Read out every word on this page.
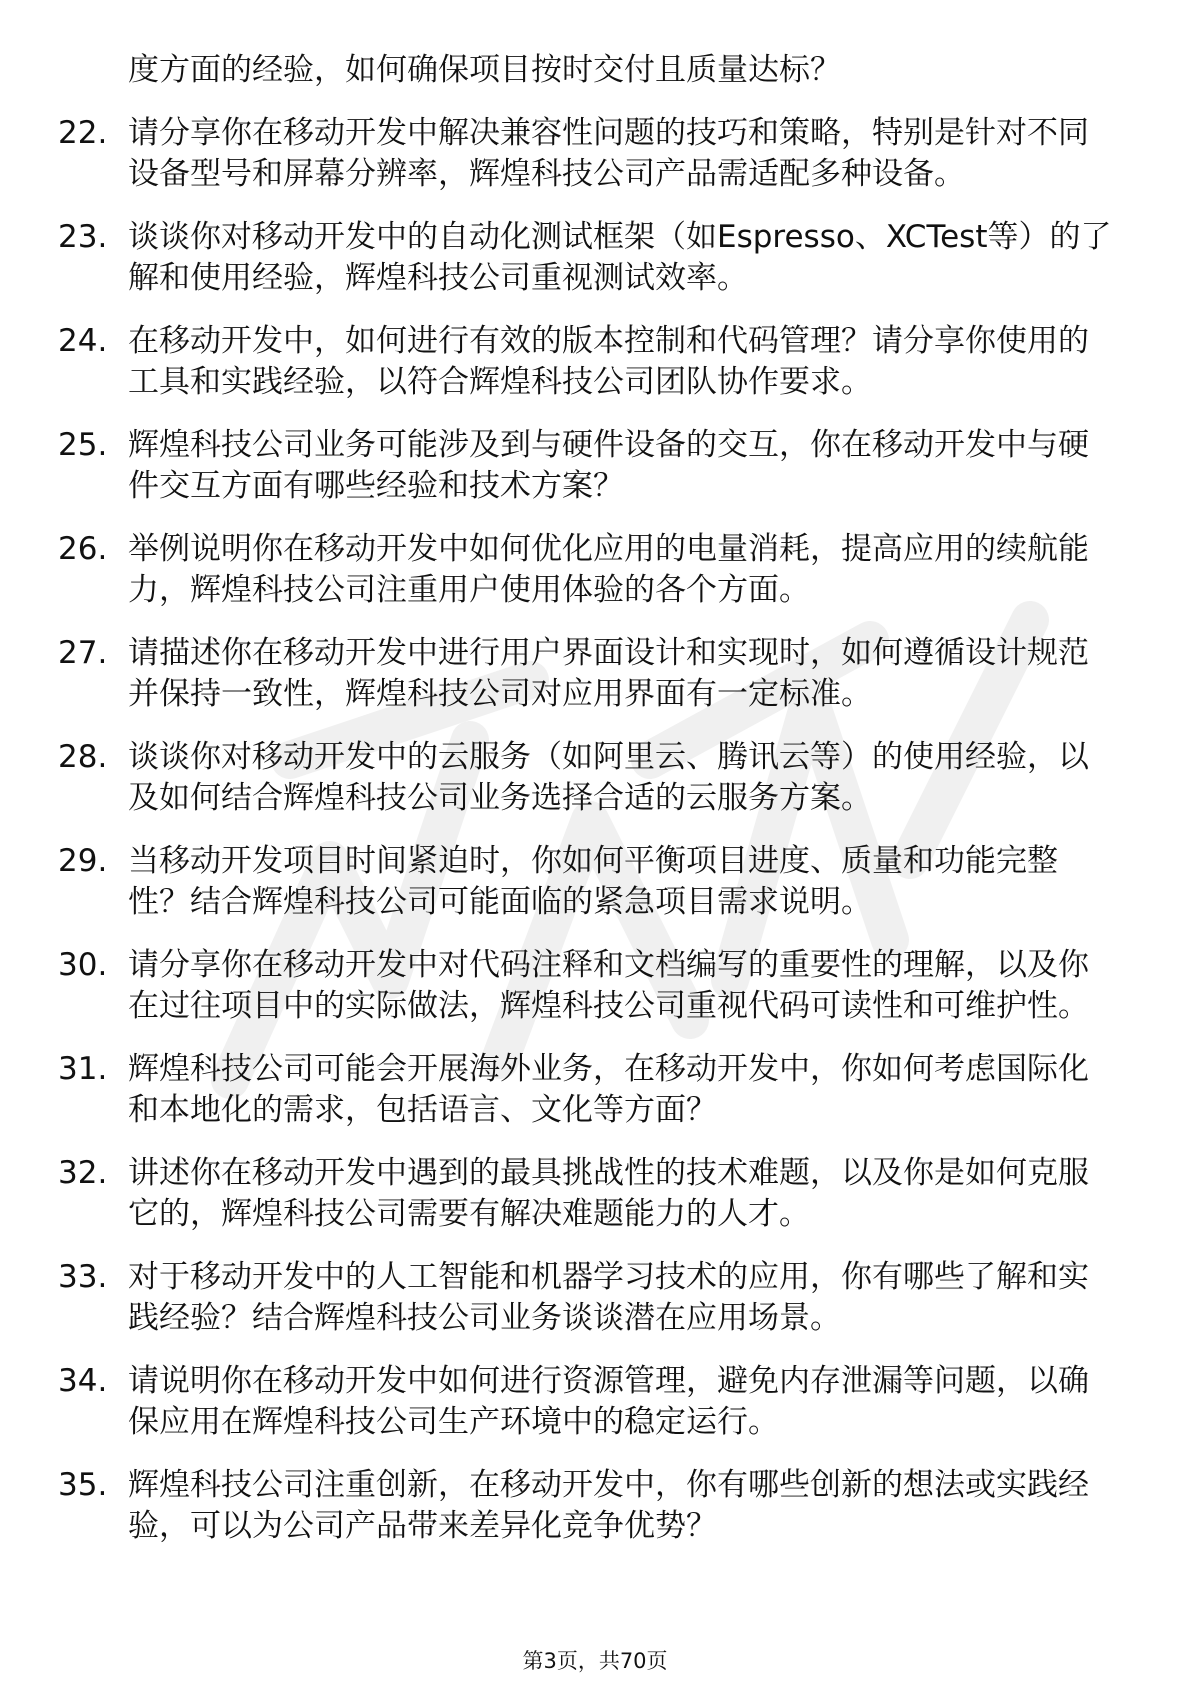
度方面的经验，如何确保项目按时交付且质量达标？
22. 请分享你在移动开发中解决兼容性问题的技巧和策略，特别是针对不同设备型号和屏幕分辨率，辉煌科技公司产品需适配多种设备。
23. 谈谈你对移动开发中的自动化测试框架（如Espresso、XCTest等）的了解和使用经验，辉煌科技公司重视测试效率。
24. 在移动开发中，如何进行有效的版本控制和代码管理？请分享你使用的工具和实践经验，以符合辉煌科技公司团队协作要求。
25. 辉煌科技公司业务可能涉及到与硬件设备的交互，你在移动开发中与硬件交互方面有哪些经验和技术方案？
26. 举例说明你在移动开发中如何优化应用的电量消耗，提高应用的续航能力，辉煌科技公司注重用户使用体验的各个方面。
27. 请描述你在移动开发中进行用户界面设计和实现时，如何遵循设计规范并保持一致性，辉煌科技公司对应用界面有一定标准。
28. 谈谈你对移动开发中的云服务（如阿里云、腾讯云等）的使用经验，以及如何结合辉煌科技公司业务选择合适的云服务方案。
29. 当移动开发项目时间紧迫时，你如何平衡项目进度、质量和功能完整性？结合辉煌科技公司可能面临的紧急项目需求说明。
30. 请分享你在移动开发中对代码注释和文档编写的重要性的理解，以及你在过往项目中的实际做法，辉煌科技公司重视代码可读性和可维护性。
31. 辉煌科技公司可能会开展海外业务，在移动开发中，你如何考虑国际化和本地化的需求，包括语言、文化等方面？
32. 讲述你在移动开发中遇到的最具挑战性的技术难题，以及你是如何克服它的，辉煌科技公司需要有解决难题能力的人才。
33. 对于移动开发中的人工智能和机器学习技术的应用，你有哪些了解和实践经验？结合辉煌科技公司业务谈谈潜在应用场景。
34. 请说明你在移动开发中如何进行资源管理，避免内存泄漏等问题，以确保应用在辉煌科技公司生产环境中的稳定运行。
35. 辉煌科技公司注重创新，在移动开发中，你有哪些创新的想法或实践经验，可以为公司产品带来差异化竞争优势？
第3页，共70页
